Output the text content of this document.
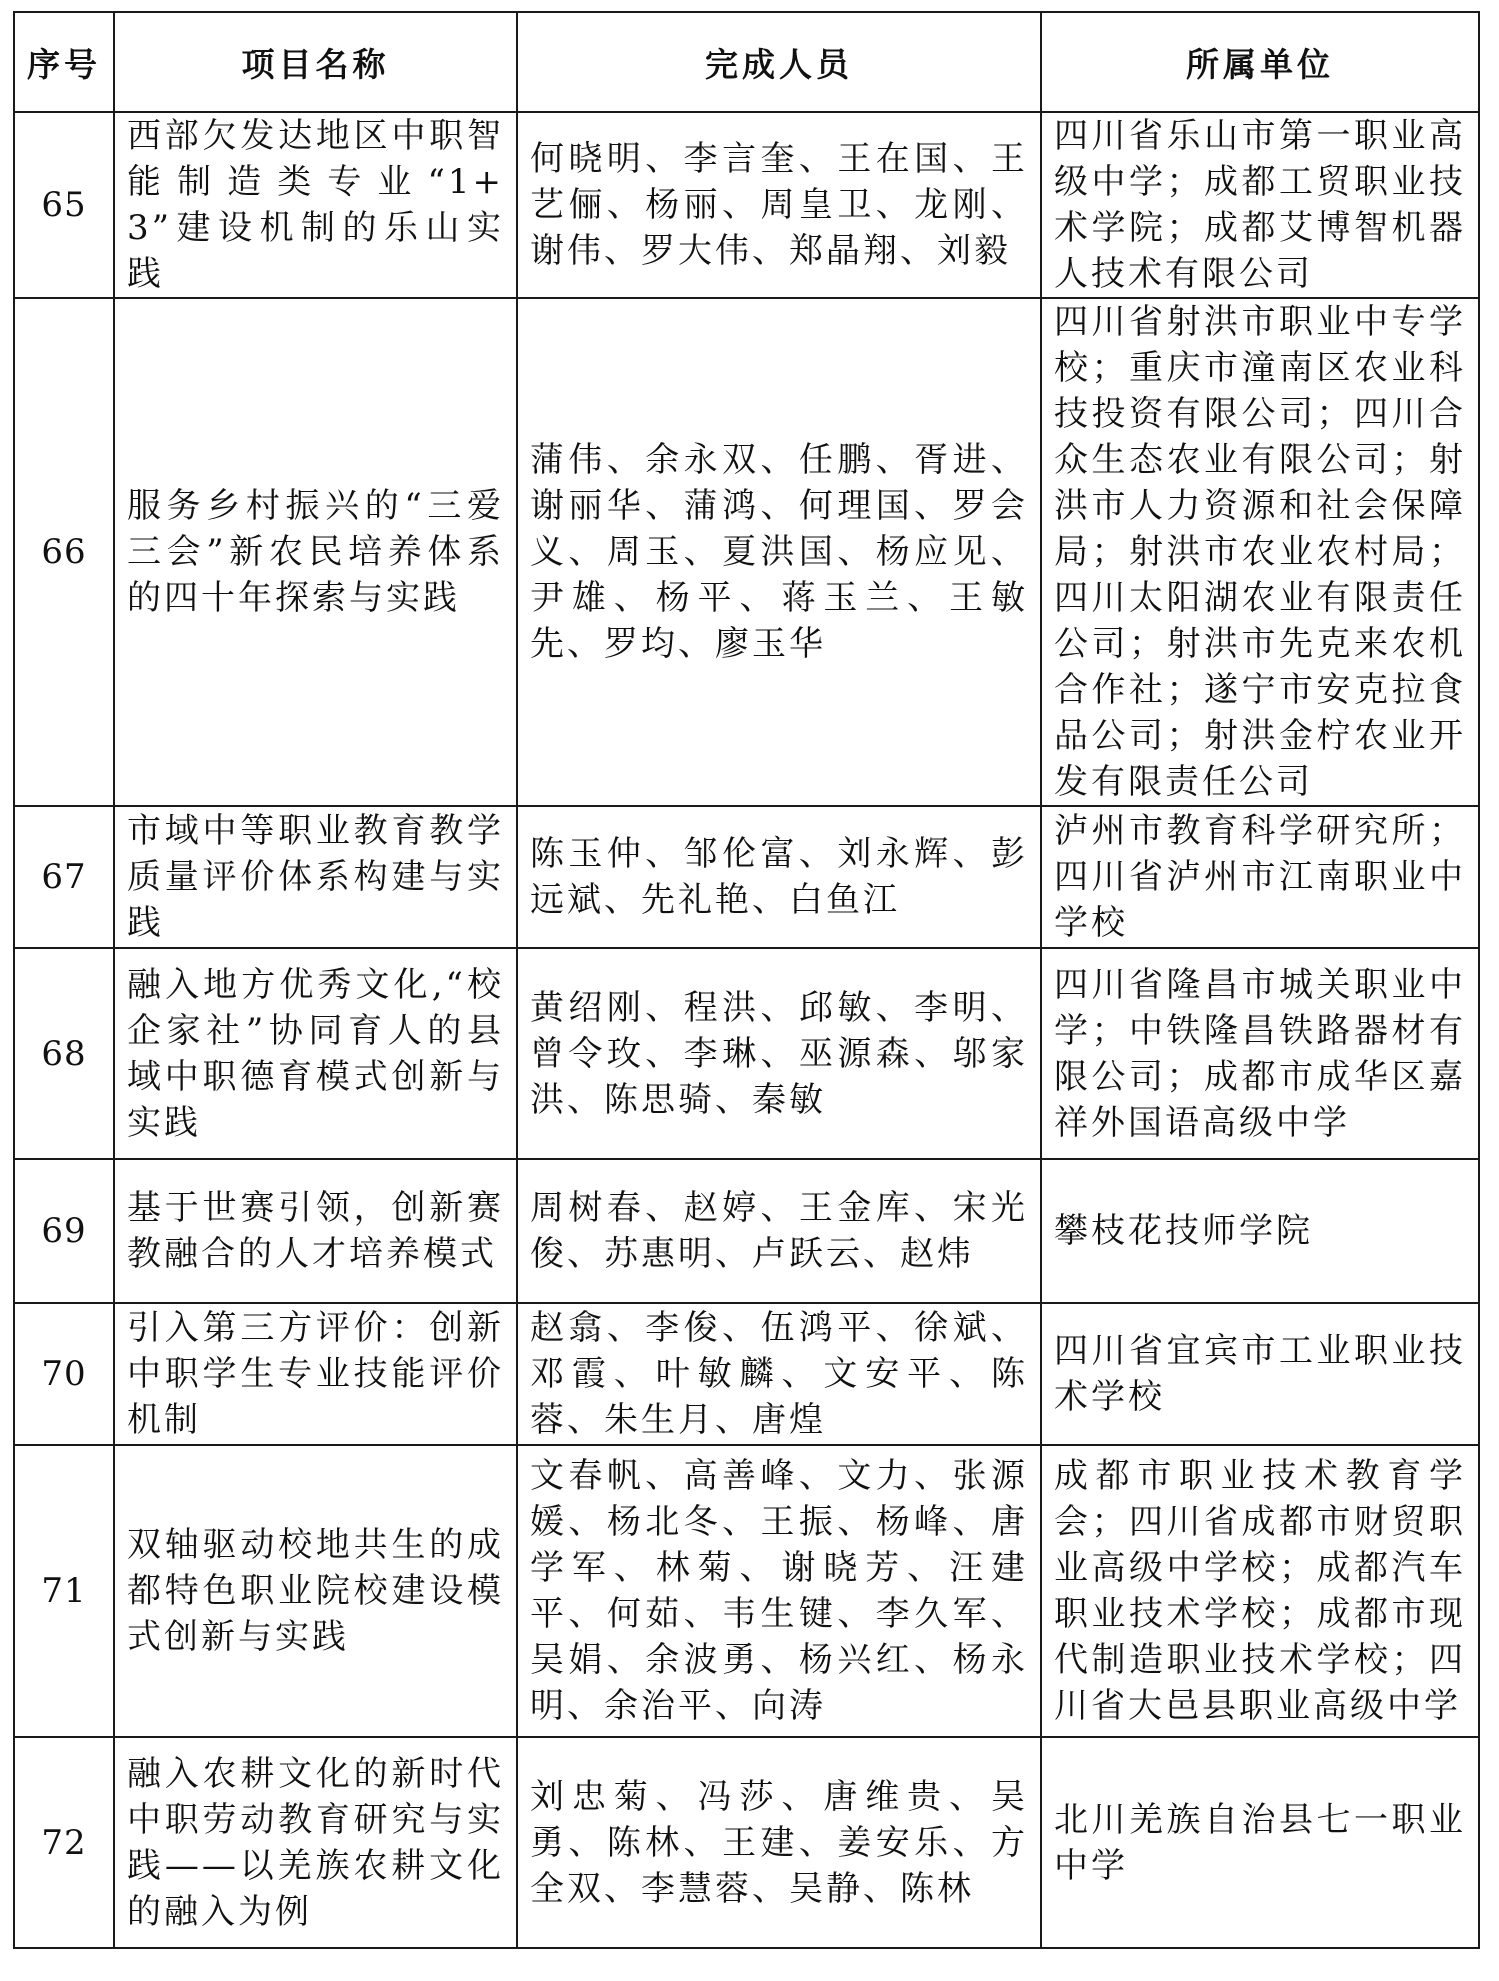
序号	项目名称	完成人员	所属单位
65	西部欠发达地区中职智能制造类专业“1+3”建设机制的乐山实践	何晓明、李言奎、王在国、王艺俪、杨丽、周皇卫、龙刚、谢伟、罗大伟、郑晶翔、刘毅	四川省乐山市第一职业高级中学；成都工贸职业技术学院；成都艾博智机器人技术有限公司
66	服务乡村振兴的“三爱三会”新农民培养体系的四十年探索与实践	蒲伟、余永双、任鹏、胥进、谢丽华、蒲鸿、何理国、罗会义、周玉、夏洪国、杨应见、尹雄、杨平、蒋玉兰、王敏先、罗均、廖玉华	四川省射洪市职业中专学校；重庆市潼南区农业科技投资有限公司；四川合众生态农业有限公司；射洪市人力资源和社会保障局；射洪市农业农村局；四川太阳湖农业有限责任公司；射洪市先克来农机合作社；遂宁市安克拉食品公司；射洪金柠农业开发有限责任公司
67	市域中等职业教育教学质量评价体系构建与实践	陈玉仲、邹伦富、刘永辉、彭远斌、先礼艳、白鱼江	泸州市教育科学研究所；四川省泸州市江南职业中学校
68	融入地方优秀文化,“校企家社”协同育人的县域中职德育模式创新与实践	黄绍刚、程洪、邱敏、李明、曾令玫、李琳、巫源森、邬家洪、陈思骑、秦敏	四川省隆昌市城关职业中学；中铁隆昌铁路器材有限公司；成都市成华区嘉祥外国语高级中学
69	基于世赛引领，创新赛教融合的人才培养模式	周树春、赵婷、王金库、宋光俊、苏惠明、卢跃云、赵炜	攀枝花技师学院
70	引入第三方评价：创新中职学生专业技能评价机制	赵翕、李俊、伍鸿平、徐斌、邓霞、叶敏麟、文安平、陈蓉、朱生月、唐煌	四川省宜宾市工业职业技术学校
71	双轴驱动校地共生的成都特色职业院校建设模式创新与实践	文春帆、高善峰、文力、张源媛、杨北冬、王振、杨峰、唐学军、林菊、谢晓芳、汪建平、何茹、韦生键、李久军、吴娟、余波勇、杨兴红、杨永明、余治平、向涛	成都市职业技术教育学会；四川省成都市财贸职业高级中学校；成都汽车职业技术学校；成都市现代制造职业技术学校；四川省大邑县职业高级中学
72	融入农耕文化的新时代中职劳动教育研究与实践——以羌族农耕文化的融入为例	刘忠菊、冯莎、唐维贵、吴勇、陈林、王建、姜安乐、方全双、李慧蓉、吴静、陈林	北川羌族自治县七一职业中学
